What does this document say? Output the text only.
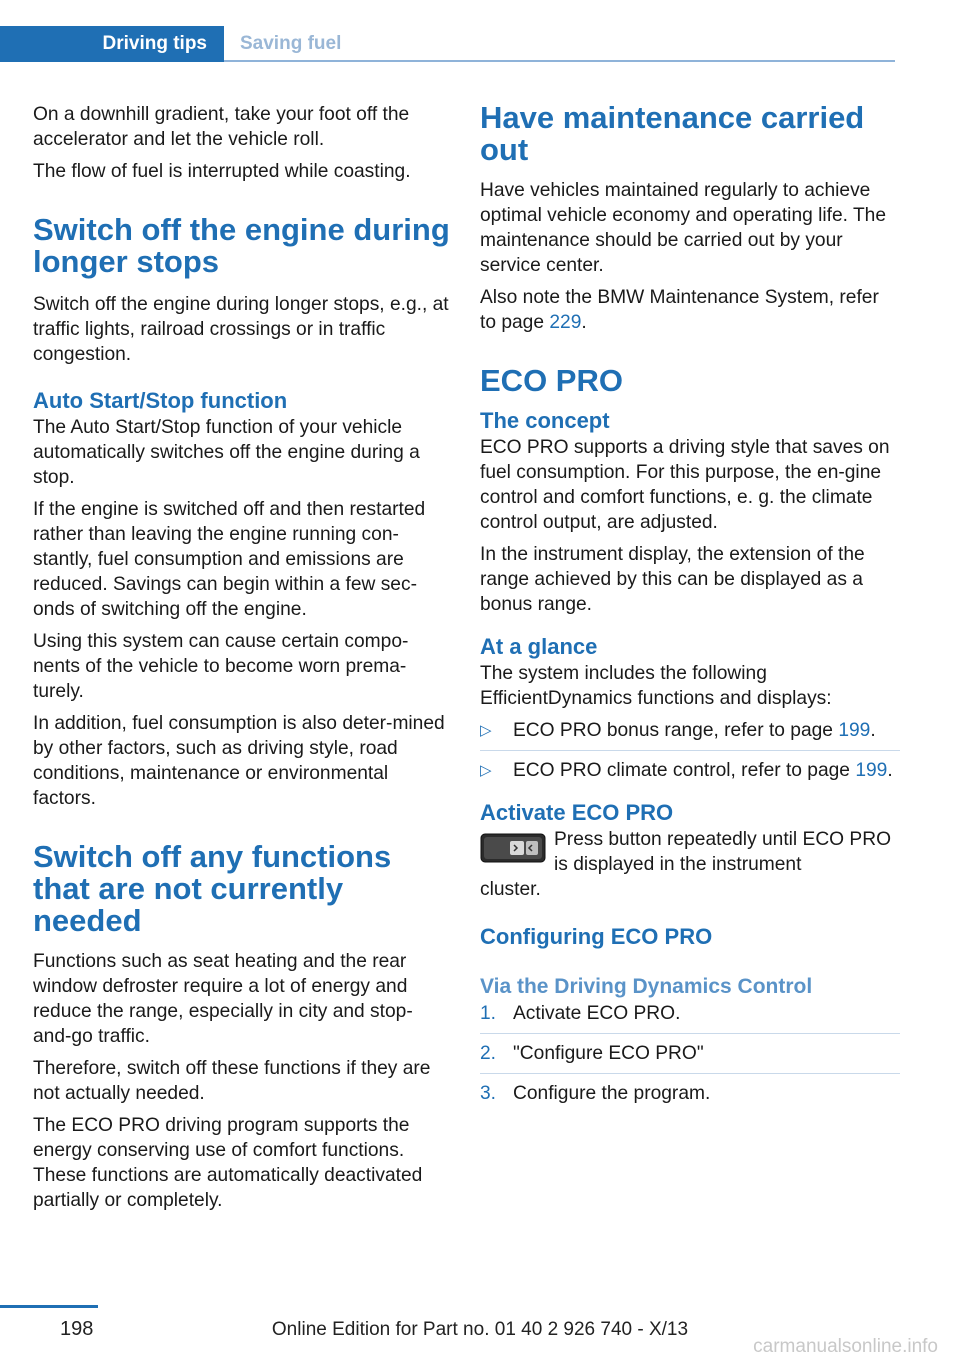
Driving tips	Saving fuel

On a downhill gradient, take your foot off the accelerator and let the vehicle roll.

The flow of fuel is interrupted while coasting.

Switch off the engine during longer stops

Switch off the engine during longer stops, e.g., at traffic lights, railroad crossings or in traffic congestion.

Auto Start/Stop function

The Auto Start/Stop function of your vehicle automatically switches off the engine during a stop.

If the engine is switched off and then restarted rather than leaving the engine running con-stantly, fuel consumption and emissions are reduced. Savings can begin within a few sec-onds of switching off the engine.

Using this system can cause certain compo-nents of the vehicle to become worn prema-turely.

In addition, fuel consumption is also deter-mined by other factors, such as driving style, road conditions, maintenance or environmental factors.

Switch off any functions that are not currently needed

Functions such as seat heating and the rear window defroster require a lot of energy and reduce the range, especially in city and stop-and-go traffic.

Therefore, switch off these functions if they are not actually needed.

The ECO PRO driving program supports the energy conserving use of comfort functions. These functions are automatically deactivated partially or completely.

Have maintenance carried out

Have vehicles maintained regularly to achieve optimal vehicle economy and operating life. The maintenance should be carried out by your service center.

Also note the BMW Maintenance System, refer to page 229.

ECO PRO
The concept

ECO PRO supports a driving style that saves on fuel consumption. For this purpose, the en-gine control and comfort functions, e. g. the climate control output, are adjusted.

In the instrument display, the extension of the range achieved by this can be displayed as a bonus range.

At a glance

The system includes the following EfficientDynamics functions and displays:

▷ ECO PRO bonus range, refer to page 199.
▷ ECO PRO climate control, refer to page 199.
Activate ECO PRO

Press button repeatedly until ECO PRO is displayed in the instrument

cluster.

Configuring ECO PRO
Via the Driving Dynamics Control
1. Activate ECO PRO.
2. "Configure ECO PRO"
3. Configure the program.
198	Online Edition for Part no. 01 40 2 926 740 - X/13
carmanualsonline.info
